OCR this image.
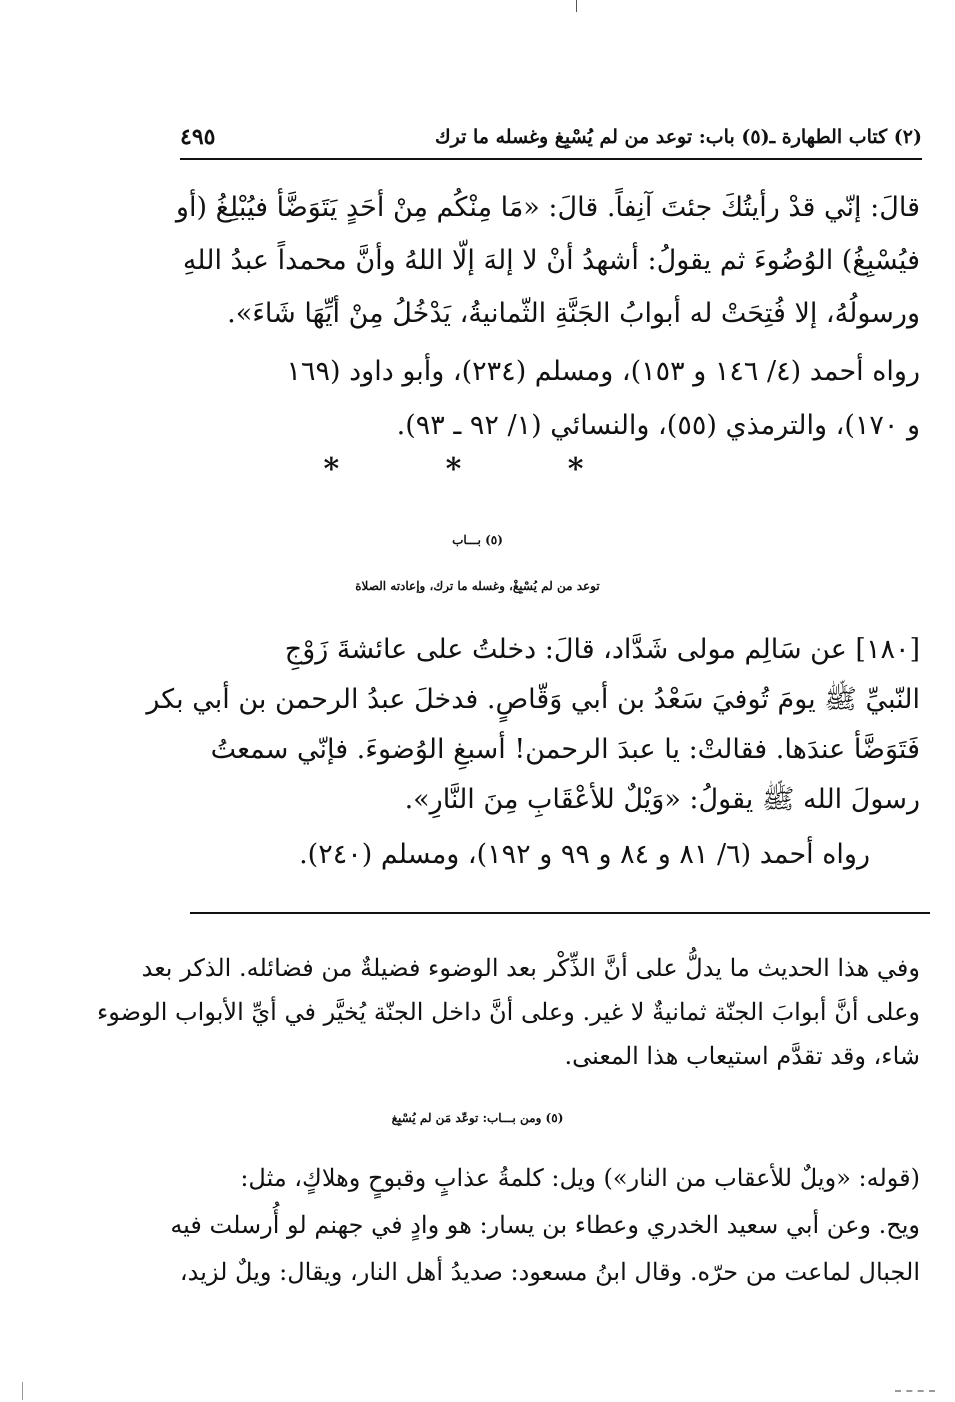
(٢) كتاب الطهارة ـ(٥) باب: توعد من لم يُسْبِغ وغسله ما ترك
٤٩٥
قالَ: إنّي قدْ رأيتُكَ جئتَ آنِفاً. قالَ: «مَا مِنْكُم مِنْ أحَدٍ يَتَوَضَّأ فيُبْلِغُ (أو
فيُسْبِغُ) الوُضُوءَ ثم يقولُ: أشهدُ أنْ لا إلهَ إلّا اللهُ وأنَّ محمداً عبدُ اللهِ
ورسولُهُ، إلا فُتِحَتْ له أبوابُ الجَنَّةِ الثّمانيةُ، يَدْخُلُ مِنْ أيِّهَا شَاءَ».
رواه أحمد (٤/ ١٤٦ و ١٥٣)، ومسلم (٢٣٤)، وأبو داود (١٦٩
و ١٧٠)، والترمذي (٥٥)، والنسائي (١/ ٩٢ ـ ٩٣).
* * *
(٥) بـــاب
توعد من لم يُسْبِغْ، وغسله ما ترك، وإعادته الصلاة
[١٨٠] عن سَالِم مولى شَدَّاد، قالَ: دخلتُ على عائشةَ زَوْجِ
النّبيِّ ﷺ يومَ تُوفيَ سَعْدُ بن أبي وَقّاصٍ. فدخلَ عبدُ الرحمن بن أبي بكر
فَتَوَضَّأ عندَها. فقالتْ: يا عبدَ الرحمن! أسبغِ الوُضوءَ. فإنّي سمعتُ
رسولَ الله ﷺ يقولُ: «وَيْلٌ للأعْقَابِ مِنَ النَّارِ».
رواه أحمد (٦/ ٨١ و ٨٤ و ٩٩ و ١٩٢)، ومسلم (٢٤٠).
وفي هذا الحديث ما يدلُّ على أنَّ الذِّكْر بعد الوضوء فضيلةٌ من فضائله. الذكر بعد
وعلى أنَّ أبوابَ الجنّة ثمانيةٌ لا غير. وعلى أنَّ داخل الجنّة يُخيَّر في أيِّ الأبواب الوضوء
شاء، وقد تقدَّم استيعاب هذا المعنى.
(٥) ومن بـــاب: توعّد مَن لم يُسْبِغ
(قوله: «ويلٌ للأعقاب من النار») ويل: كلمةُ عذابٍ وقبوحٍ وهلاكٍ، مثل:
ويح. وعن أبي سعيد الخدري وعطاء بن يسار: هو وادٍ في جهنم لو أُرسلت فيه
الجبال لماعت من حرّه. وقال ابنُ مسعود: صديدُ أهل النار، ويقال: ويلٌ لزيد،
